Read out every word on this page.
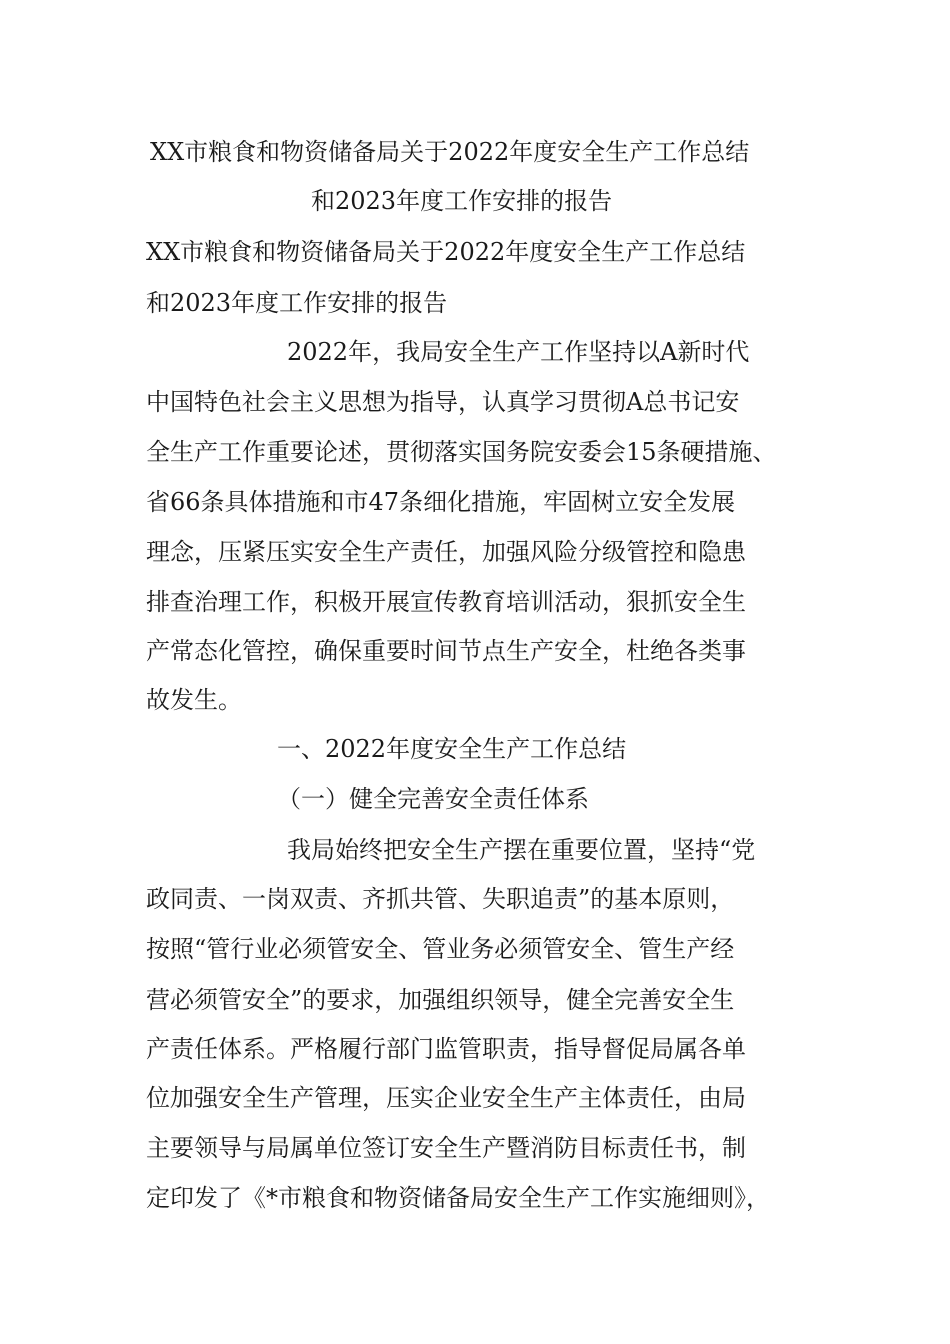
XX市粮食和物资储备局关于2022年度安全生产工作总结
和2023年度工作安排的报告
XX市粮食和物资储备局关于2022年度安全生产工作总结
和2023年度工作安排的报告
2022年，我局安全生产工作坚持以A新时代
中国特色社会主义思想为指导，认真学习贯彻A总书记安
全生产工作重要论述，贯彻落实国务院安委会15条硬措施、
省66条具体措施和市47条细化措施，牢固树立安全发展
理念，压紧压实安全生产责任，加强风险分级管控和隐患
排查治理工作，积极开展宣传教育培训活动，狠抓安全生
产常态化管控，确保重要时间节点生产安全，杜绝各类事
故发生。
一、2022年度安全生产工作总结
（一）健全完善安全责任体系
我局始终把安全生产摆在重要位置，坚持“党
政同责、一岗双责、齐抓共管、失职追责”的基本原则，
按照“管行业必须管安全、管业务必须管安全、管生产经
营必须管安全”的要求，加强组织领导，健全完善安全生
产责任体系。严格履行部门监管职责，指导督促局属各单
位加强安全生产管理，压实企业安全生产主体责任，由局
主要领导与局属单位签订安全生产暨消防目标责任书，制
定印发了《*市粮食和物资储备局安全生产工作实施细则》，
